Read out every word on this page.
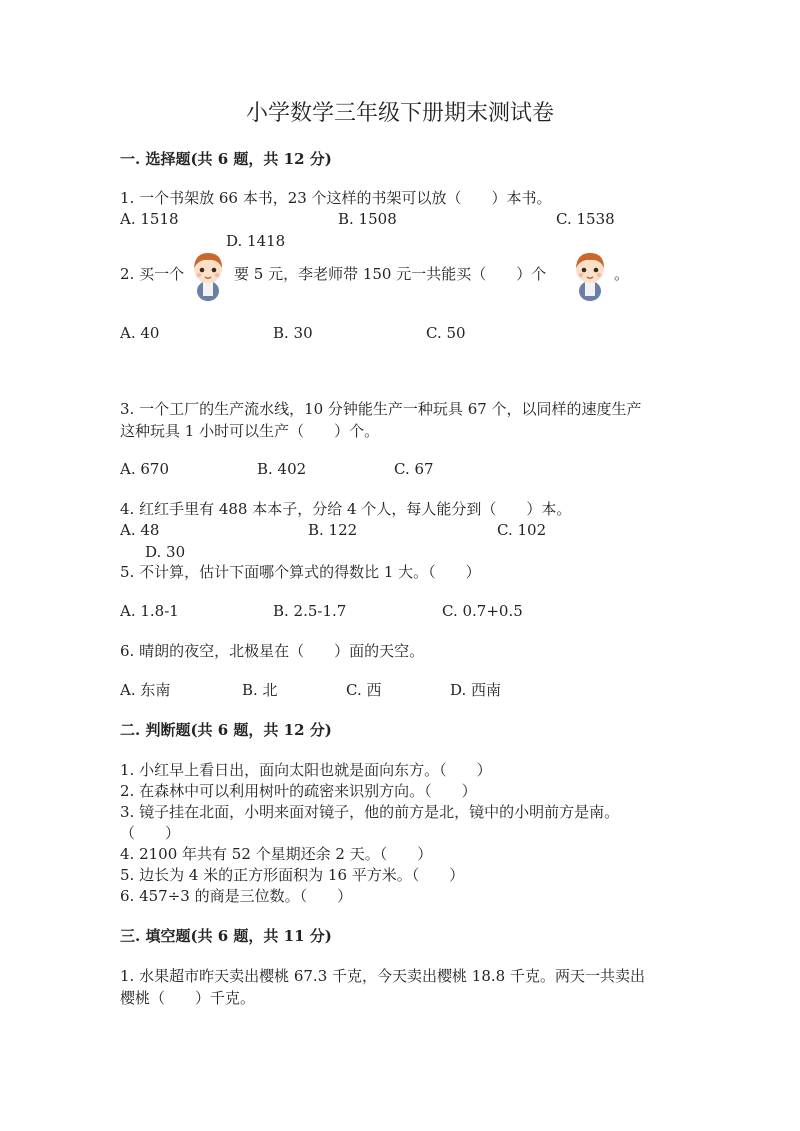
小学数学三年级下册期末测试卷
一. 选择题(共 6 题，共 12 分)
1. 一个书架放 66 本书，23 个这样的书架可以放（　　）本书。
A. 1518	B. 1508	C. 1538
D. 1418
2. 买一个	要 5 元，李老师带 150 元一共能买（　　）个	。
A. 40	B. 30	C. 50
3. 一个工厂的生产流水线，10 分钟能生产一种玩具 67 个，以同样的速度生产
这种玩具 1 小时可以生产（　　）个。
A. 670	B. 402	C. 67
4. 红红手里有 488 本本子，分给 4 个人，每人能分到（　　）本。
A. 48	B. 122	C. 102
D. 30
5. 不计算，估计下面哪个算式的得数比 1 大。（　　）
A. 1.8-1	B. 2.5-1.7	C. 0.7+0.5
6. 晴朗的夜空，北极星在（　　）面的天空。
A. 东南	B. 北	C. 西	D. 西南
二. 判断题(共 6 题，共 12 分)
1. 小红早上看日出，面向太阳也就是面向东方。（　　）
2. 在森林中可以利用树叶的疏密来识别方向。（　　）
3. 镜子挂在北面，小明来面对镜子，他的前方是北，镜中的小明前方是南。
（　　）
4. 2100 年共有 52 个星期还余 2 天。（　　）
5. 边长为 4 米的正方形面积为 16 平方米。（　　）
6. 457÷3 的商是三位数。（　　）
三. 填空题(共 6 题，共 11 分)
1. 水果超市昨天卖出樱桃 67.3 千克，今天卖出樱桃 18.8 千克。两天一共卖出
樱桃（　　）千克。
